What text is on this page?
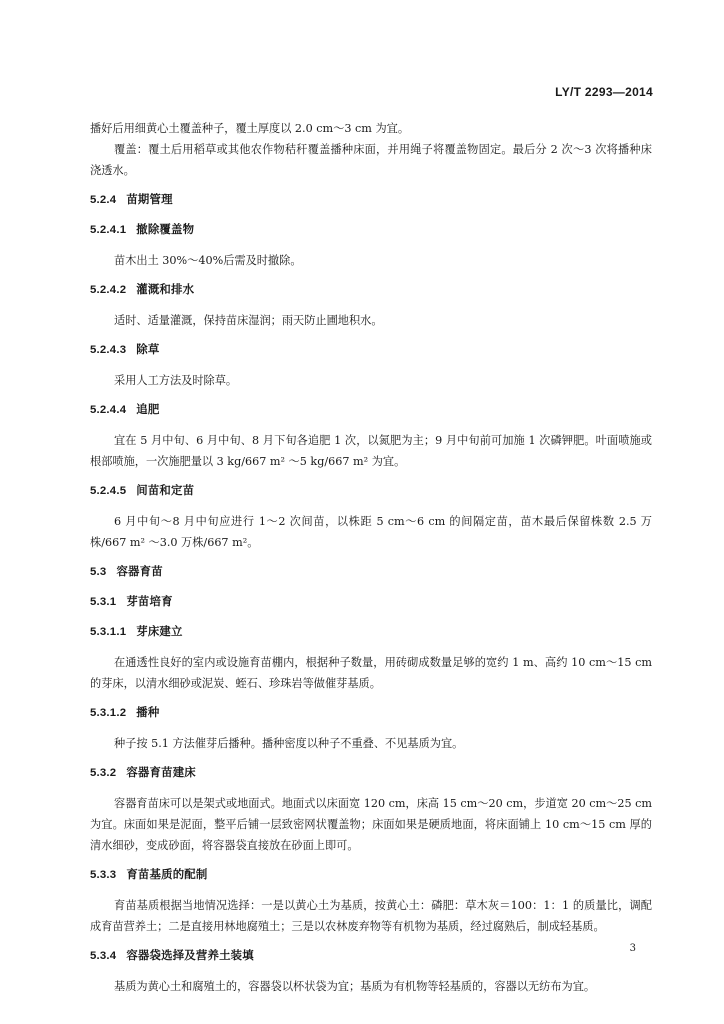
LY/T 2293—2014

播好后用细黄心土覆盖种子，覆土厚度以 2.0 cm～3 cm 为宜。

覆盖：覆土后用稻草或其他农作物秸秆覆盖播种床面，并用绳子将覆盖物固定。最后分 2 次～3 次将播种床浇透水。

5.2.4 苗期管理
5.2.4.1 撤除覆盖物

苗木出土 30%～40%后需及时撤除。

5.2.4.2 灌溉和排水

适时、适量灌溉，保持苗床湿润；雨天防止圃地积水。

5.2.4.3 除草

采用人工方法及时除草。

5.2.4.4 追肥

宜在 5 月中旬、6 月中旬、8 月下旬各追肥 1 次，以氮肥为主；9 月中旬前可加施 1 次磷钾肥。叶面喷施或根部喷施，一次施肥量以 3 kg/667 m² ～5 kg/667 m² 为宜。

5.2.4.5 间苗和定苗

6 月中旬～8 月中旬应进行 1～2 次间苗，以株距 5 cm～6 cm 的间隔定苗，苗木最后保留株数 2.5 万株/667 m² ～3.0 万株/667 m²。

5.3 容器育苗
5.3.1 芽苗培育
5.3.1.1 芽床建立

在通透性良好的室内或设施育苗棚内，根据种子数量，用砖砌成数量足够的宽约 1 m、高约 10 cm～15 cm 的芽床，以清水细砂或泥炭、蛭石、珍珠岩等做催芽基质。

5.3.1.2 播种

种子按 5.1 方法催芽后播种。播种密度以种子不重叠、不见基质为宜。

5.3.2 容器育苗建床

容器育苗床可以是架式或地面式。地面式以床面宽 120 cm，床高 15 cm～20 cm，步道宽 20 cm～25 cm 为宜。床面如果是泥面，整平后铺一层致密网状覆盖物；床面如果是硬质地面，将床面铺上 10 cm～15 cm 厚的清水细砂，变成砂面，将容器袋直接放在砂面上即可。

5.3.3 育苗基质的配制

育苗基质根据当地情况选择：一是以黄心土为基质，按黄心土：磷肥：草木灰＝100：1：1 的质量比，调配成育苗营养土；二是直接用林地腐殖土；三是以农林废弃物等有机物为基质，经过腐熟后，制成轻基质。

5.3.4 容器袋选择及营养土装填

基质为黄心土和腐殖土的，容器袋以杯状袋为宜；基质为有机物等轻基质的，容器以无纺布为宜。

3
